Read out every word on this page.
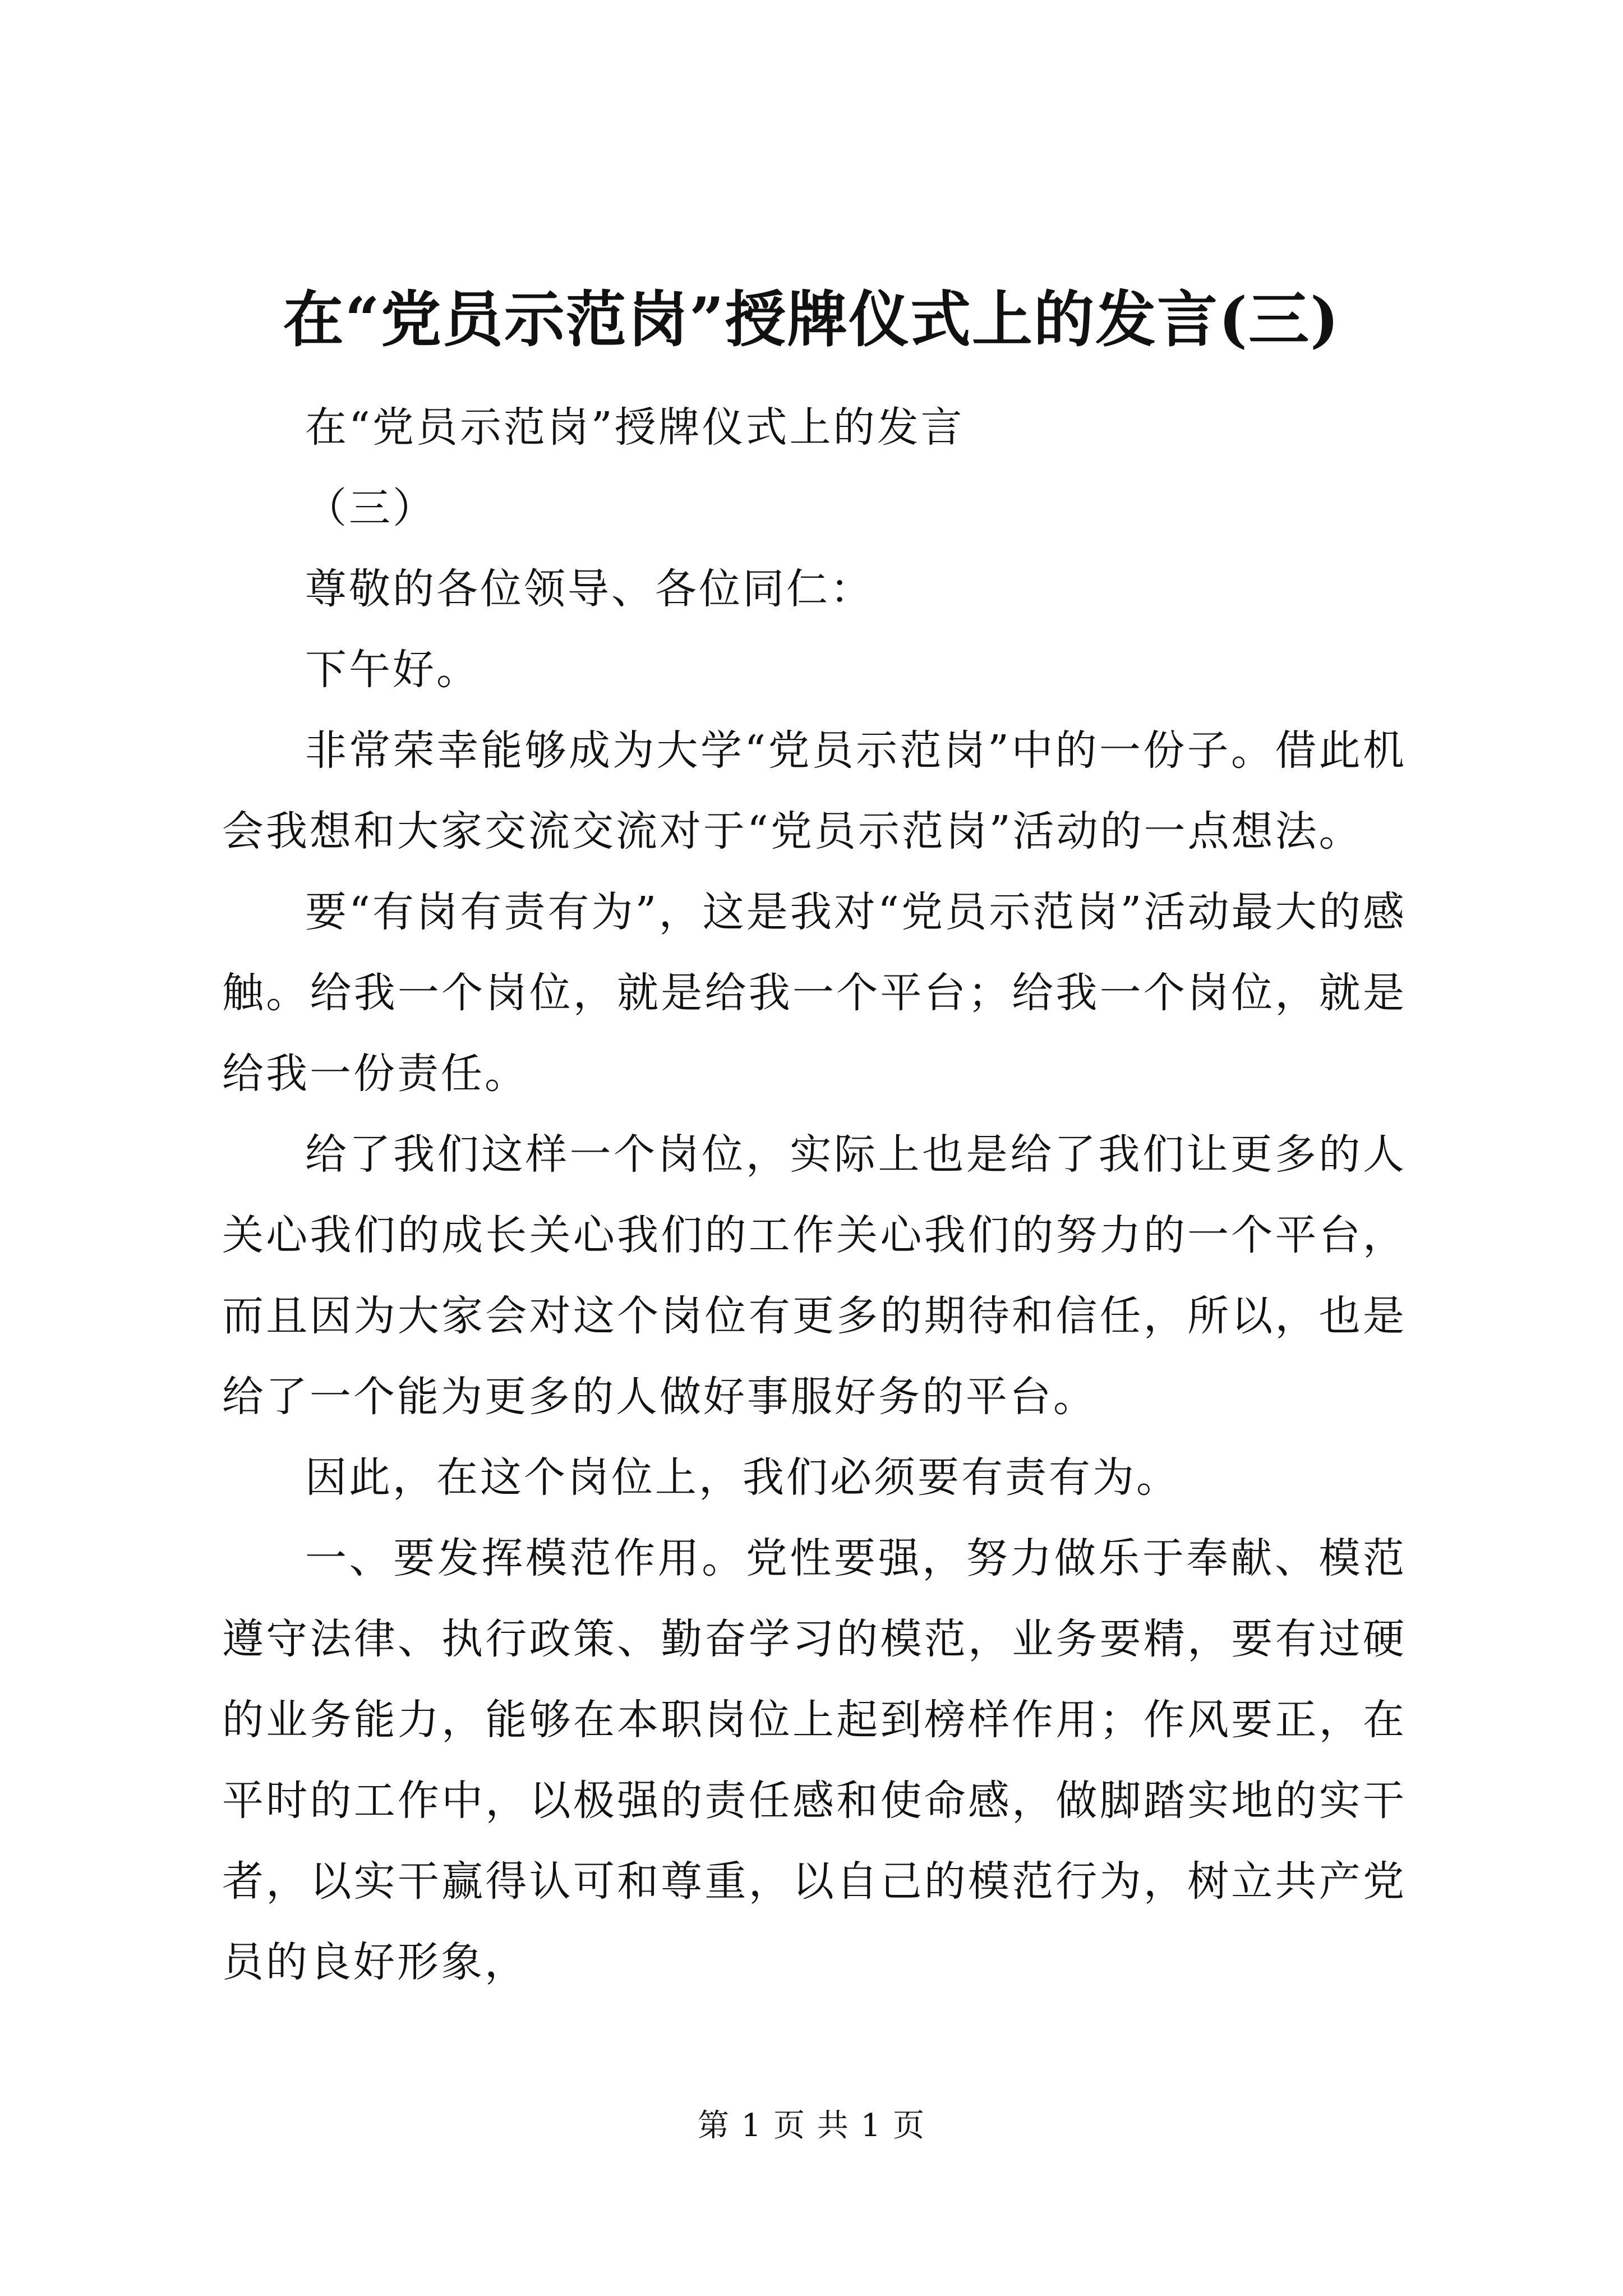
在“党员示范岗”授牌仪式上的发言(三)

在“党员示范岗”授牌仪式上的发言

（三）

尊敬的各位领导、各位同仁：

下午好。

非常荣幸能够成为大学“党员示范岗”中的一份子。借此机会我想和大家交流交流对于“党员示范岗”活动的一点想法。

要“有岗有责有为”，这是我对“党员示范岗”活动最大的感触。给我一个岗位，就是给我一个平台；给我一个岗位，就是给我一份责任。

给了我们这样一个岗位，实际上也是给了我们让更多的人关心我们的成长关心我们的工作关心我们的努力的一个平台，而且因为大家会对这个岗位有更多的期待和信任，所以，也是给了一个能为更多的人做好事服好务的平台。

因此，在这个岗位上，我们必须要有责有为。

一、要发挥模范作用。党性要强，努力做乐于奉献、模范遵守法律、执行政策、勤奋学习的模范，业务要精，要有过硬的业务能力，能够在本职岗位上起到榜样作用；作风要正，在平时的工作中，以极强的责任感和使命感，做脚踏实地的实干者，以实干赢得认可和尊重，以自己的模范行为，树立共产党员的良好形象，

第 1 页 共 1 页
